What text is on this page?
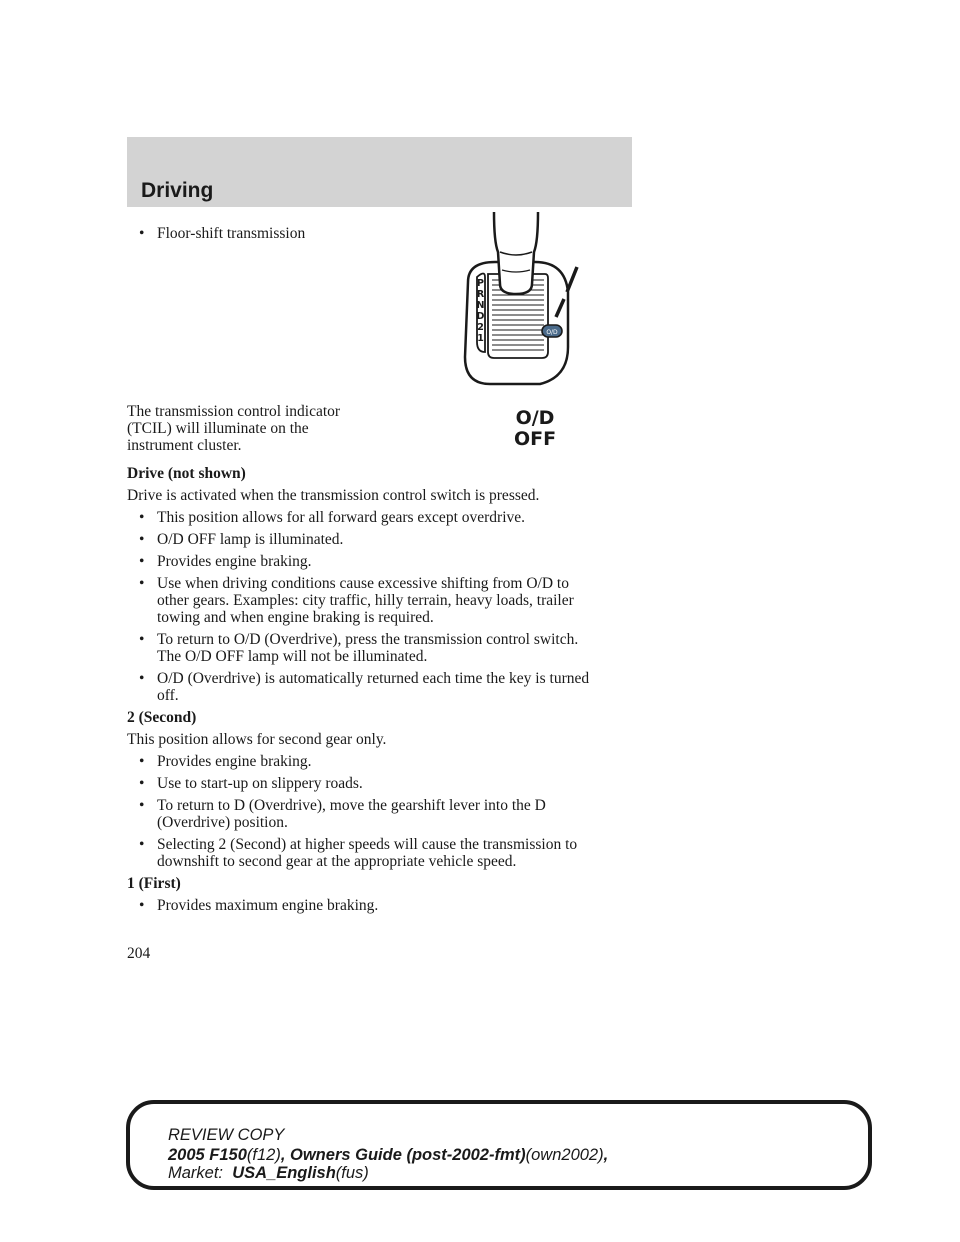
Driving
• Floor-shift transmission
The transmission control indicator
(TCIL) will illuminate on the
instrument cluster.
Drive (not shown)
Drive is activated when the transmission control switch is pressed.
• This position allows for all forward gears except overdrive.
• O/D OFF lamp is illuminated.
• Provides engine braking.
• Use when driving conditions cause excessive shifting from O/D to
other gears. Examples: city traffic, hilly terrain, heavy loads, trailer
towing and when engine braking is required.
• To return to O/D (Overdrive), press the transmission control switch.
The O/D OFF lamp will not be illuminated.
• O/D (Overdrive) is automatically returned each time the key is turned
off.
2 (Second)
This position allows for second gear only.
• Provides engine braking.
• Use to start-up on slippery roads.
• To return to D (Overdrive), move the gearshift lever into the D
(Overdrive) position.
• Selecting 2 (Second) at higher speeds will cause the transmission to
downshift to second gear at the appropriate vehicle speed.
1 (First)
• Provides maximum engine braking.
P
R
N
D
2
1
O/D
O/D
OFF
204
REVIEW COPY
2005 F150(f12), Owners Guide (post-2002-fmt)(own2002),
Market: USA_English(fus)
